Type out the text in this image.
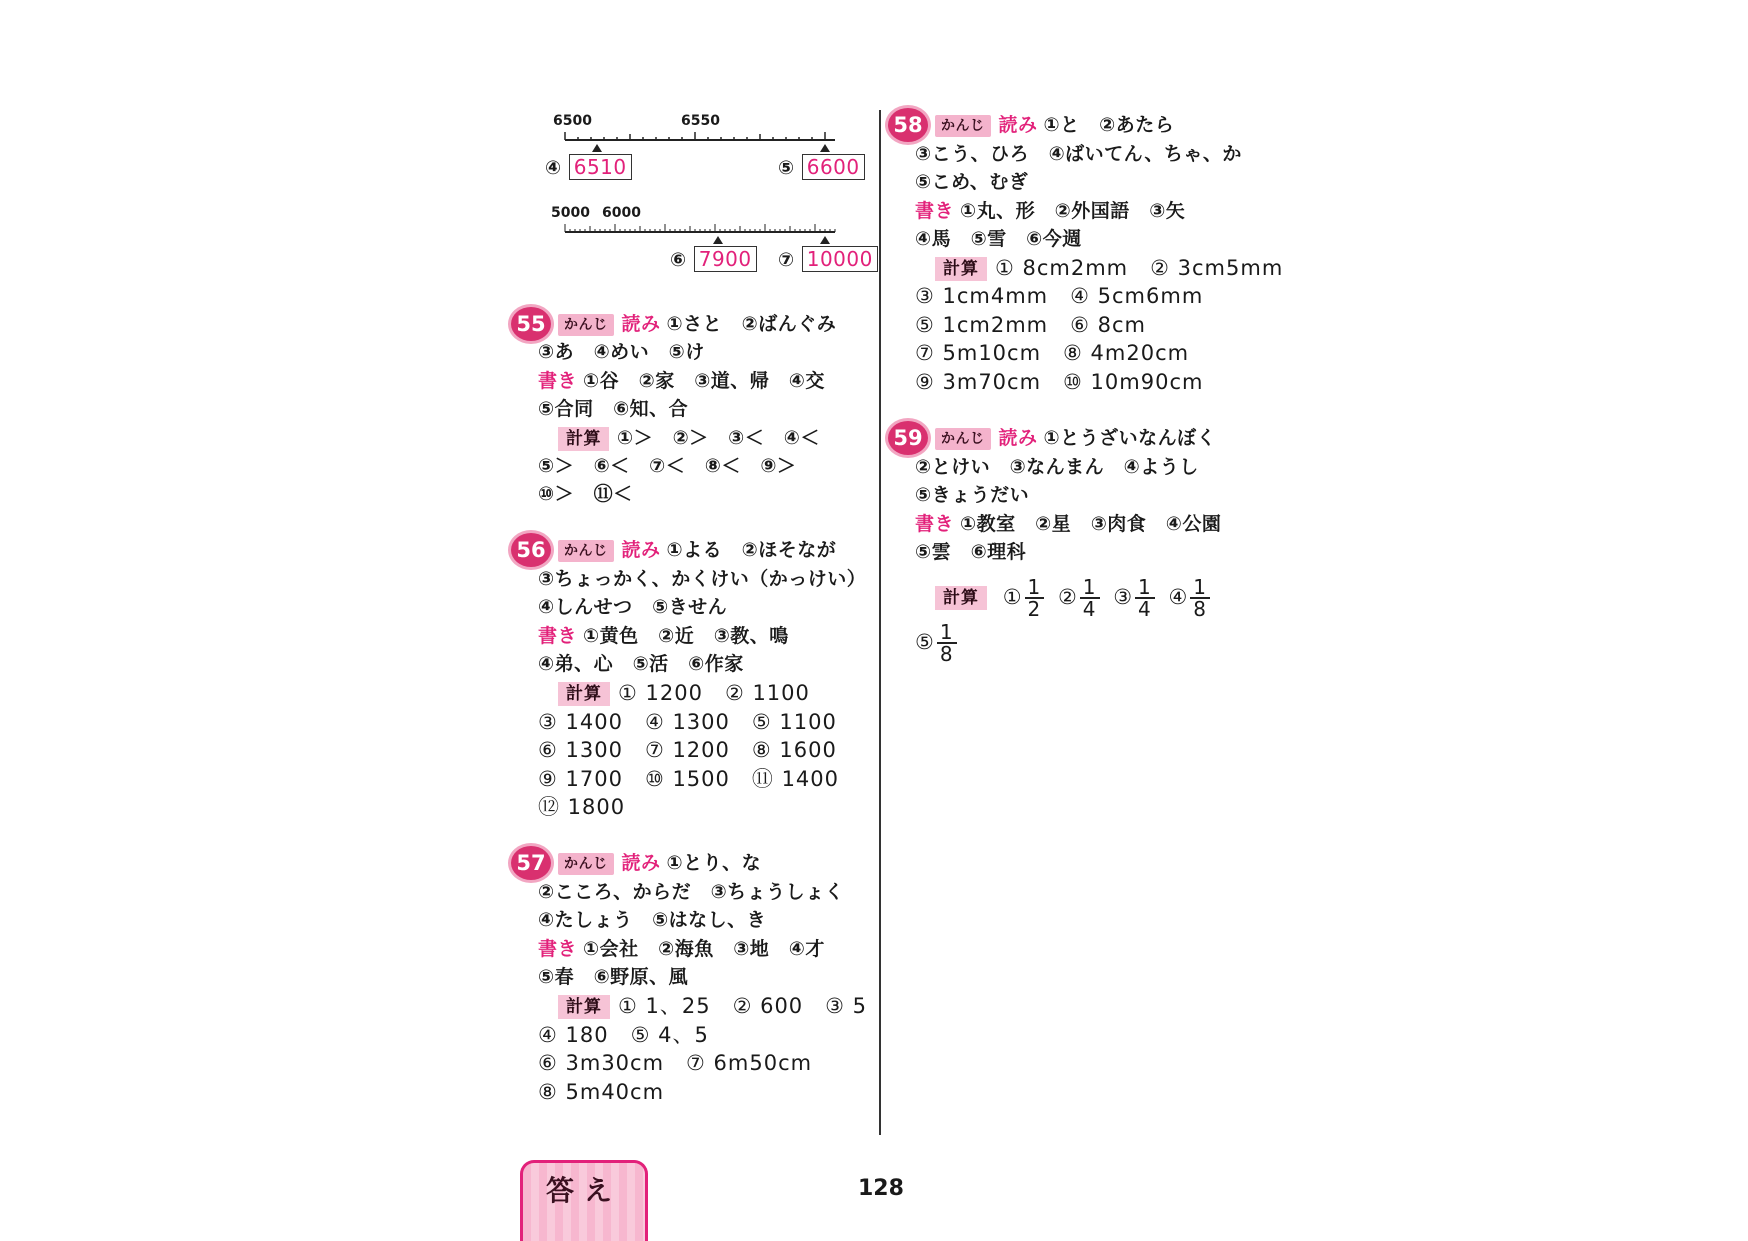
6500	6550
④ 6510	⑤ 6600
5000 6000
⑥ 7900 ⑦ 10000
55	かんじ 読み ①さと　②ばんぐみ
③あ　④めい　⑤け
書き ①谷　②家　③道、帰　④交
⑤合同　⑥知、合
計算 ①＞　②＞　③＜　④＜
⑤＞　⑥＜　⑦＜　⑧＜　⑨＞
⑩＞　⑪＜
56	かんじ 読み ①よる　②ほそなが
③ちょっかく、かくけい（かっけい）
④しんせつ　⑤きせん
書き ①黄色　②近　③教、鳴
④弟、心　⑤活　⑥作家
計算 ① 1200　② 1100
③ 1400　④ 1300　⑤ 1100
⑥ 1300　⑦ 1200　⑧ 1600
⑨ 1700　⑩ 1500　⑪ 1400
⑫ 1800
57	かんじ 読み ①とり、な
②こころ、からだ　③ちょうしょく
④たしょう　⑤はなし、き
書き ①会社　②海魚　③地　④才
⑤春　⑥野原、風
計算 ① 1、25　② 600　③ 5
④ 180　⑤ 4、5
⑥ 3m30cm　⑦ 6m50cm
⑧ 5m40cm
58	かんじ 読み ①と　②あたら
③こう、ひろ　④ばいてん、ちゃ、か
⑤こめ、むぎ
書き ①丸、形　②外国語　③矢
④馬　⑤雪　⑥今週
計算 ① 8cm2mm　② 3cm5mm
③ 1cm4mm　④ 5cm6mm
⑤ 1cm2mm　⑥ 8cm
⑦ 5m10cm　⑧ 4m20cm
⑨ 3m70cm　⑩ 10m90cm
59	かんじ 読み ①とうざいなんぼく
②とけい　③なんまん　④ようし
⑤きょうだい
書き ①教室　②星　③肉食　④公園
⑤雲　⑥理科
計算 ① $\frac{1}{2}$ ② $\frac{1}{4}$ ③ $\frac{1}{4}$ ④ $\frac{1}{8}$
⑤ $\frac{1}{8}$
答え	128
